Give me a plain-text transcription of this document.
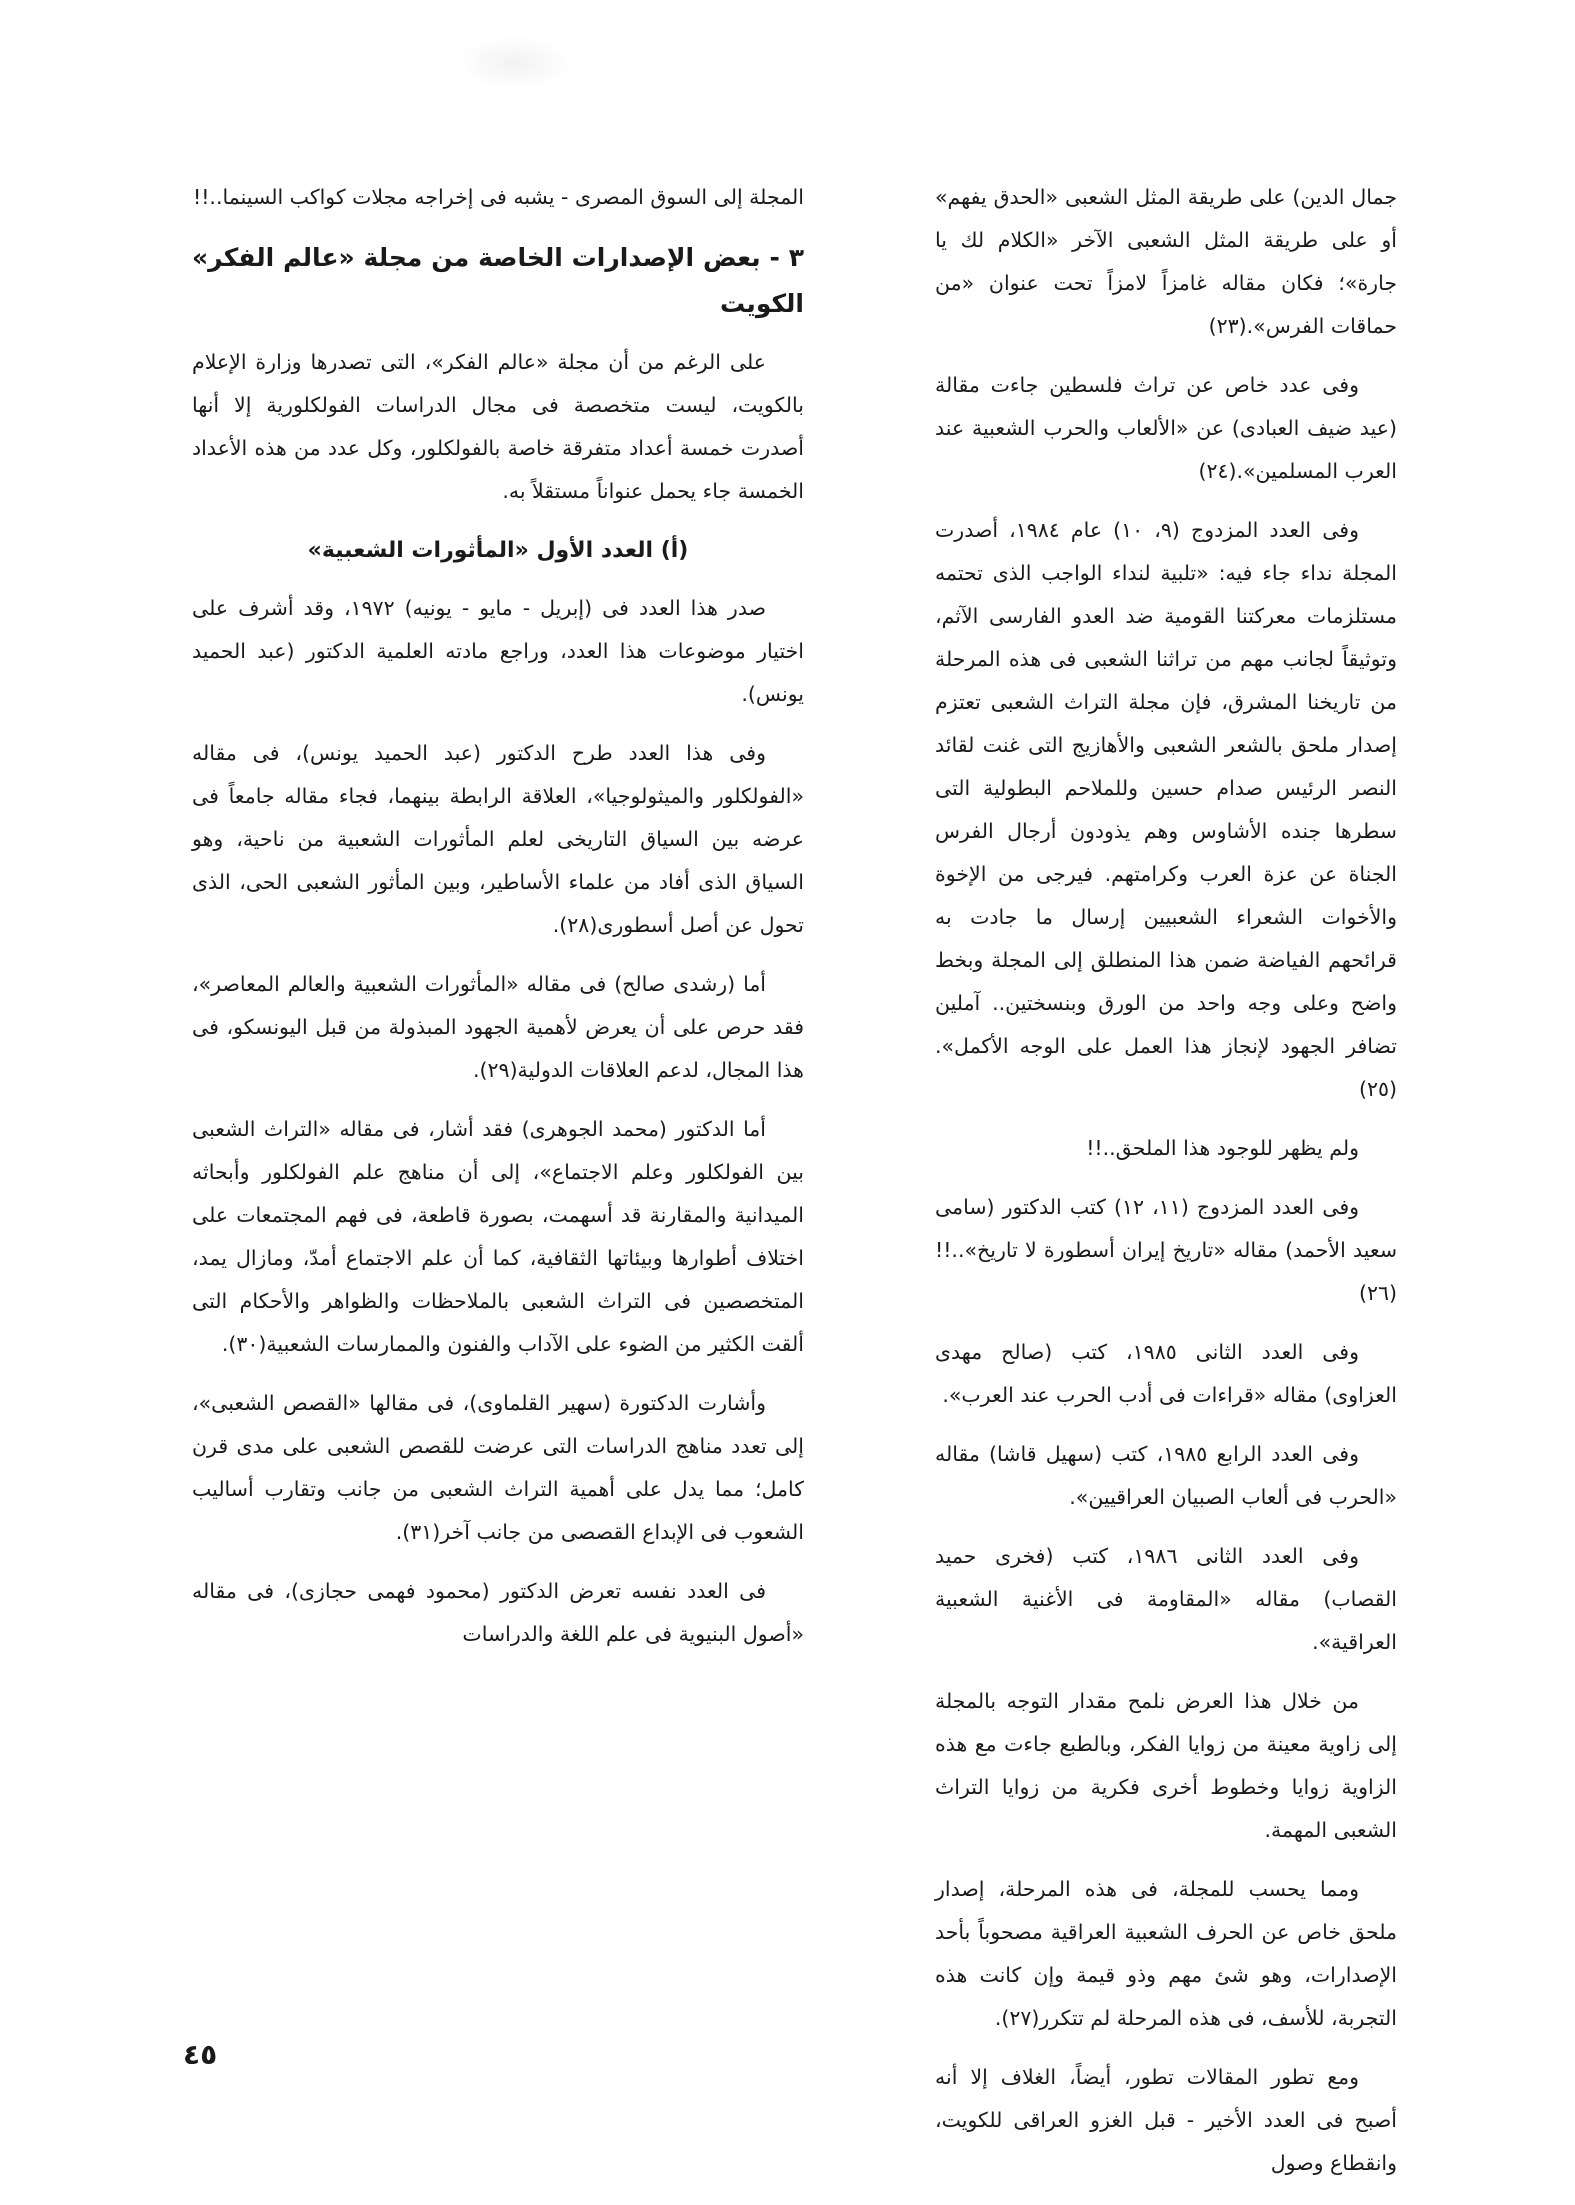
جمال الدين) على طريقة المثل الشعبى «الحدق يفهم» أو على طريقة المثل الشعبى الآخر «الكلام لك يا جارة»؛ فكان مقاله غامزاً لامزاً تحت عنوان «من حماقات الفرس».(٢٣)

وفى عدد خاص عن تراث فلسطين جاءت مقالة (عيد ضيف العبادى) عن «الألعاب والحرب الشعبية عند العرب المسلمين».(٢٤)

وفى العدد المزدوج (٩، ١٠) عام ١٩٨٤، أصدرت المجلة نداء جاء فيه: «تلبية لنداء الواجب الذى تحتمه مستلزمات معركتنا القومية ضد العدو الفارسى الآثم، وتوثيقاً لجانب مهم من تراثنا الشعبى فى هذه المرحلة من تاريخنا المشرق، فإن مجلة التراث الشعبى تعتزم إصدار ملحق بالشعر الشعبى والأهازيج التى غنت لقائد النصر الرئيس صدام حسين وللملاحم البطولية التى سطرها جنده الأشاوس وهم يذودون أرجال الفرس الجناة عن عزة العرب وكرامتهم. فيرجى من الإخوة والأخوات الشعراء الشعبيين إرسال ما جادت به قرائحهم الفياضة ضمن هذا المنطلق إلى المجلة وبخط واضح وعلى وجه واحد من الورق وبنسختين.. آملين تضافر الجهود لإنجاز هذا العمل على الوجه الأكمل».(٢٥)

ولم يظهر للوجود هذا الملحق..!!

وفى العدد المزدوج (١١، ١٢) كتب الدكتور (سامى سعيد الأحمد) مقاله «تاريخ إيران أسطورة لا تاريخ»..!!(٢٦)

وفى العدد الثانى ١٩٨٥، كتب (صالح مهدى العزاوى) مقاله «قراءات فى أدب الحرب عند العرب».

وفى العدد الرابع ١٩٨٥، كتب (سهيل قاشا) مقاله «الحرب فى ألعاب الصبيان العراقيين».

وفى العدد الثانى ١٩٨٦، كتب (فخرى حميد القصاب) مقاله «المقاومة فى الأغنية الشعبية العراقية».

من خلال هذا العرض نلمح مقدار التوجه بالمجلة إلى زاوية معينة من زوايا الفكر، وبالطبع جاءت مع هذه الزاوية زوايا وخطوط أخرى فكرية من زوايا التراث الشعبى المهمة.

ومما يحسب للمجلة، فى هذه المرحلة، إصدار ملحق خاص عن الحرف الشعبية العراقية مصحوباً بأحد الإصدارات، وهو شئ مهم وذو قيمة وإن كانت هذه التجربة، للأسف، فى هذه المرحلة لم تتكرر(٢٧).

ومع تطور المقالات تطور، أيضاً، الغلاف إلا أنه أصبح فى العدد الأخير - قبل الغزو العراقى للكويت، وانقطاع وصول

المجلة إلى السوق المصرى - يشبه فى إخراجه مجلات كواكب السينما..!!

٣ - بعض الإصدارات الخاصة من مجلة «عالم الفكر» الكويت

على الرغم من أن مجلة «عالم الفكر»، التى تصدرها وزارة الإعلام بالكويت، ليست متخصصة فى مجال الدراسات الفولكلورية إلا أنها أصدرت خمسة أعداد متفرقة خاصة بالفولكلور، وكل عدد من هذه الأعداد الخمسة جاء يحمل عنواناً مستقلاً به.

(أ) العدد الأول «المأثورات الشعبية»

صدر هذا العدد فى (إبريل - مايو - يونيه) ١٩٧٢، وقد أشرف على اختيار موضوعات هذا العدد، وراجع مادته العلمية الدكتور (عبد الحميد يونس).

وفى هذا العدد طرح الدكتور (عبد الحميد يونس)، فى مقاله «الفولكلور والميثولوجيا»، العلاقة الرابطة بينهما، فجاء مقاله جامعاً فى عرضه بين السياق التاريخى لعلم المأثورات الشعبية من ناحية، وهو السياق الذى أفاد من علماء الأساطير، وبين المأثور الشعبى الحى، الذى تحول عن أصل أسطورى(٢٨).

أما (رشدى صالح) فى مقاله «المأثورات الشعبية والعالم المعاصر»، فقد حرص على أن يعرض لأهمية الجهود المبذولة من قبل اليونسكو، فى هذا المجال، لدعم العلاقات الدولية(٢٩).

أما الدكتور (محمد الجوهرى) فقد أشار، فى مقاله «التراث الشعبى بين الفولكلور وعلم الاجتماع»، إلى أن مناهج علم الفولكلور وأبحاثه الميدانية والمقارنة قد أسهمت، بصورة قاطعة، فى فهم المجتمعات على اختلاف أطوارها وبيئاتها الثقافية، كما أن علم الاجتماع أمدّ، ومازال يمد، المتخصصين فى التراث الشعبى بالملاحظات والظواهر والأحكام التى ألقت الكثير من الضوء على الآداب والفنون والممارسات الشعبية(٣٠).

وأشارت الدكتورة (سهير القلماوى)، فى مقالها «القصص الشعبى»، إلى تعدد مناهج الدراسات التى عرضت للقصص الشعبى على مدى قرن كامل؛ مما يدل على أهمية التراث الشعبى من جانب وتقارب أساليب الشعوب فى الإبداع القصصى من جانب آخر(٣١).

فى العدد نفسه تعرض الدكتور (محمود فهمى حجازى)، فى مقاله «أصول البنيوية فى علم اللغة والدراسات

٤٥
